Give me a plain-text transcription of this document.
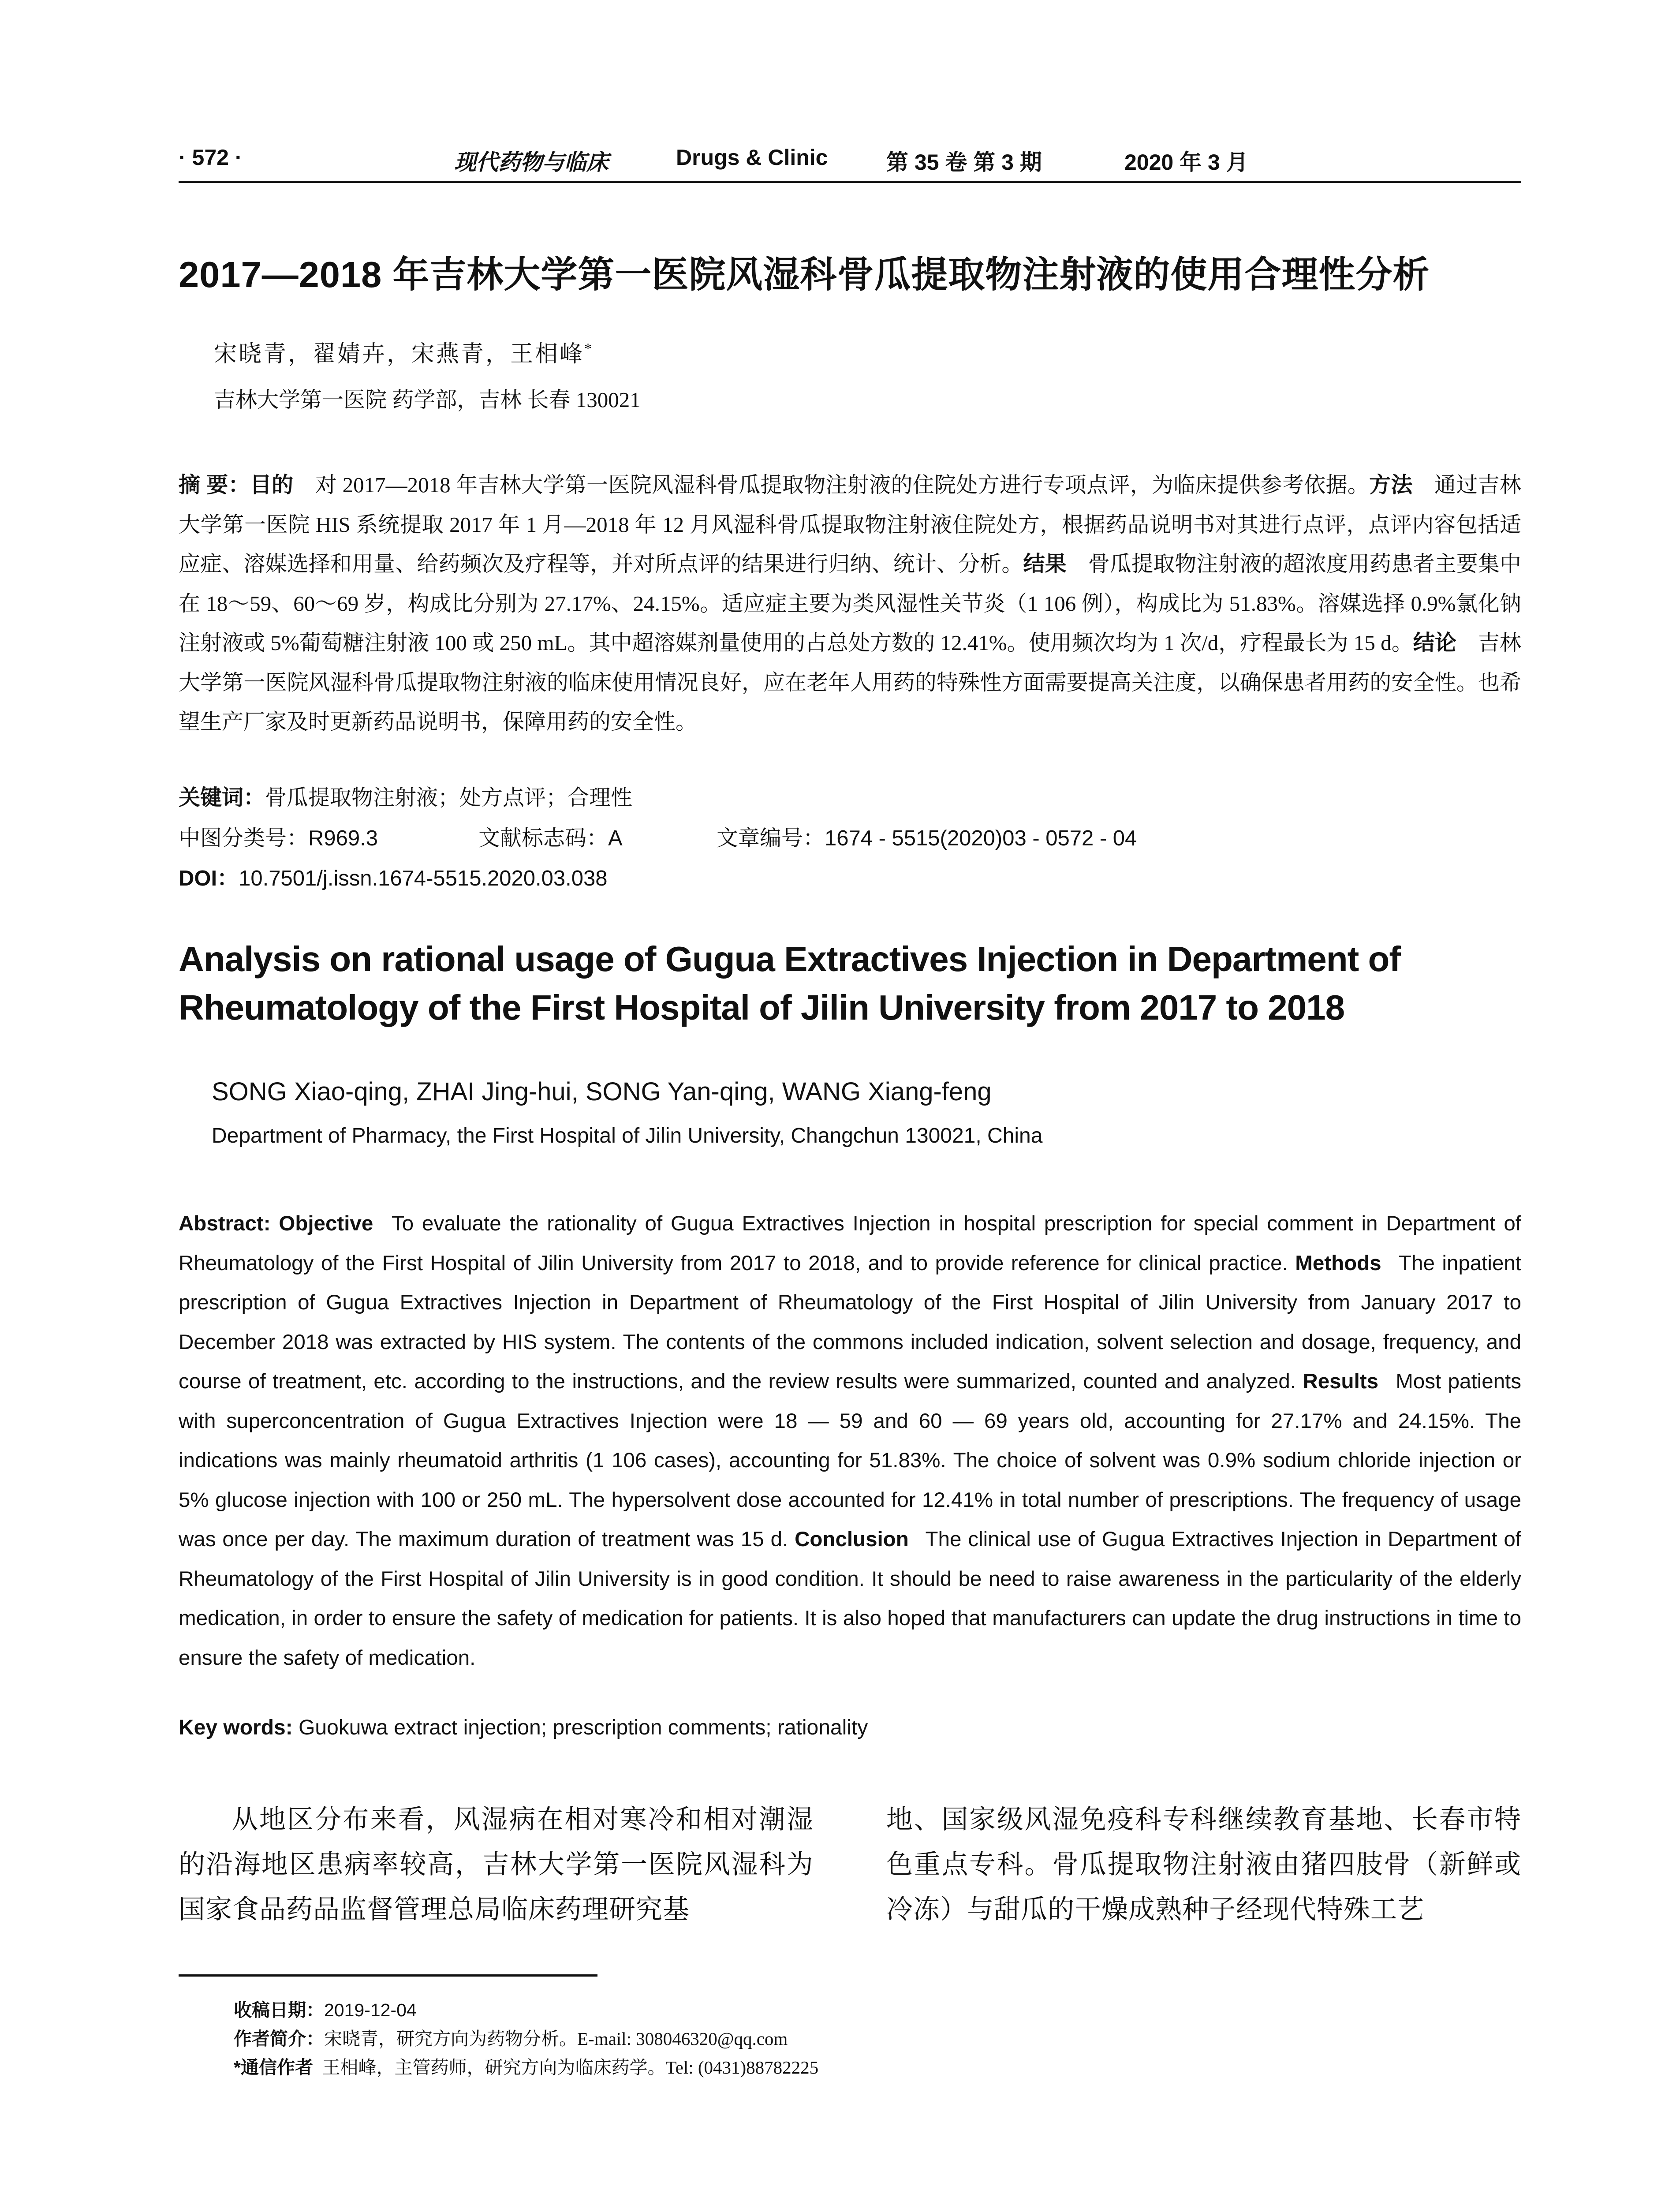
· 572 ·	现代药物与临床	Drugs & Clinic	第 35 卷 第 3 期	2020 年 3 月
2017—2018 年吉林大学第一医院风湿科骨瓜提取物注射液的使用合理性分析
宋晓青，翟婧卉，宋燕青，王相峰*
吉林大学第一医院 药学部，吉林 长春 130021
摘 要：目的  对 2017—2018 年吉林大学第一医院风湿科骨瓜提取物注射液的住院处方进行专项点评，为临床提供参考依据。方法  通过吉林大学第一医院 HIS 系统提取 2017 年 1 月—2018 年 12 月风湿科骨瓜提取物注射液住院处方，根据药品说明书对其进行点评，点评内容包括适应症、溶媒选择和用量、给药频次及疗程等，并对所点评的结果进行归纳、统计、分析。结果  骨瓜提取物注射液的超浓度用药患者主要集中在 18～59、60～69 岁，构成比分别为 27.17%、24.15%。适应症主要为类风湿性关节炎（1 106 例），构成比为 51.83%。溶媒选择 0.9%氯化钠注射液或 5%葡萄糖注射液 100 或 250 mL。其中超溶媒剂量使用的占总处方数的 12.41%。使用频次均为 1 次/d，疗程最长为 15 d。结论  吉林大学第一医院风湿科骨瓜提取物注射液的临床使用情况良好，应在老年人用药的特殊性方面需要提高关注度，以确保患者用药的安全性。也希望生产厂家及时更新药品说明书，保障用药的安全性。
关键词：骨瓜提取物注射液；处方点评；合理性
中图分类号：R969.3	文献标志码：A	文章编号：1674 - 5515(2020)03 - 0572 - 04
DOI：10.7501/j.issn.1674-5515.2020.03.038
Analysis on rational usage of Gugua Extractives Injection in Department of Rheumatology of the First Hospital of Jilin University from 2017 to 2018
SONG Xiao-qing, ZHAI Jing-hui, SONG Yan-qing, WANG Xiang-feng
Department of Pharmacy, the First Hospital of Jilin University, Changchun 130021, China
Abstract: Objective  To evaluate the rationality of Gugua Extractives Injection in hospital prescription for special comment in Department of Rheumatology of the First Hospital of Jilin University from 2017 to 2018, and to provide reference for clinical practice. Methods  The inpatient prescription of Gugua Extractives Injection in Department of Rheumatology of the First Hospital of Jilin University from January 2017 to December 2018 was extracted by HIS system. The contents of the commons included indication, solvent selection and dosage, frequency, and course of treatment, etc. according to the instructions, and the review results were summarized, counted and analyzed. Results  Most patients with superconcentration of Gugua Extractives Injection were 18 — 59 and 60 — 69 years old, accounting for 27.17% and 24.15%. The indications was mainly rheumatoid arthritis (1 106 cases), accounting for 51.83%. The choice of solvent was 0.9% sodium chloride injection or 5% glucose injection with 100 or 250 mL. The hypersolvent dose accounted for 12.41% in total number of prescriptions. The frequency of usage was once per day. The maximum duration of treatment was 15 d. Conclusion  The clinical use of Gugua Extractives Injection in Department of Rheumatology of the First Hospital of Jilin University is in good condition. It should be need to raise awareness in the particularity of the elderly medication, in order to ensure the safety of medication for patients. It is also hoped that manufacturers can update the drug instructions in time to ensure the safety of medication.
Key words: Guokuwa extract injection; prescription comments; rationality
从地区分布来看，风湿病在相对寒冷和相对潮湿的沿海地区患病率较高，吉林大学第一医院风湿科为国家食品药品监督管理总局临床药理研究基
地、国家级风湿免疫科专科继续教育基地、长春市特色重点专科。骨瓜提取物注射液由猪四肢骨（新鲜或冷冻）与甜瓜的干燥成熟种子经现代特殊工艺
收稿日期：2019-12-04
作者简介：宋晓青，研究方向为药物分析。E-mail: 308046320@qq.com
*通信作者  王相峰，主管药师，研究方向为临床药学。Tel: (0431)88782225
